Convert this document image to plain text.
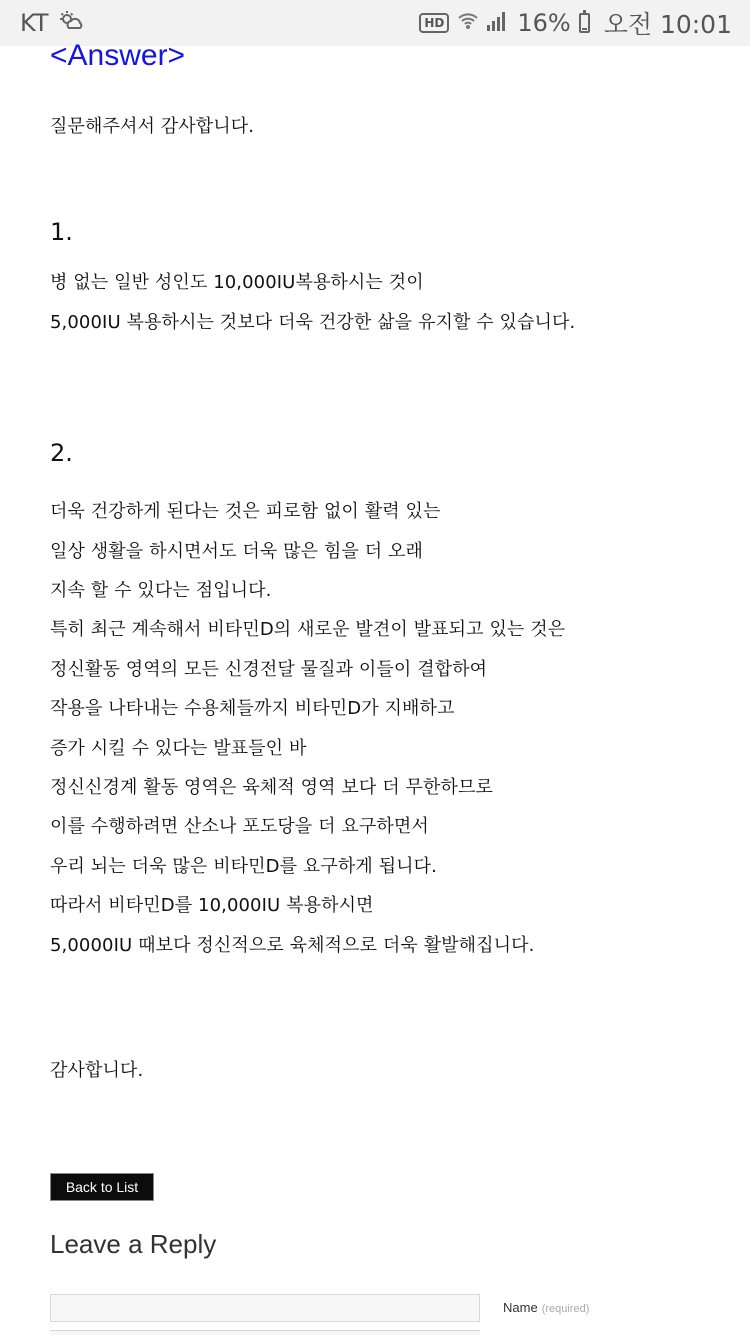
KT	HD	16% 오전 10:01
<Answer>

질문해주셔서 감사합니다.

1.

병 없는 일반 성인도 10,000IU복용하시는 것이

5,000IU 복용하시는 것보다 더욱 건강한 삶을 유지할 수 있습니다.

2.

더욱 건강하게 된다는 것은 피로함 없이 활력 있는

일상 생활을 하시면서도 더욱 많은 힘을 더 오래

지속 할 수 있다는 점입니다.

특히 최근 계속해서 비타민D의 새로운 발견이 발표되고 있는 것은

정신활동 영역의 모든 신경전달 물질과 이들이 결합하여

작용을 나타내는 수용체들까지 비타민D가 지배하고

증가 시킬 수 있다는 발표들인 바

정신신경계 활동 영역은 육체적 영역 보다 더 무한하므로

이를 수행하려면 산소나 포도당을 더 요구하면서

우리 뇌는 더욱 많은 비타민D를 요구하게 됩니다.

따라서 비타민D를 10,000IU 복용하시면

5,0000IU 때보다 정신적으로 육체적으로 더욱 활발해집니다.

감사합니다.

Back to List
Leave a Reply
Name (required)
